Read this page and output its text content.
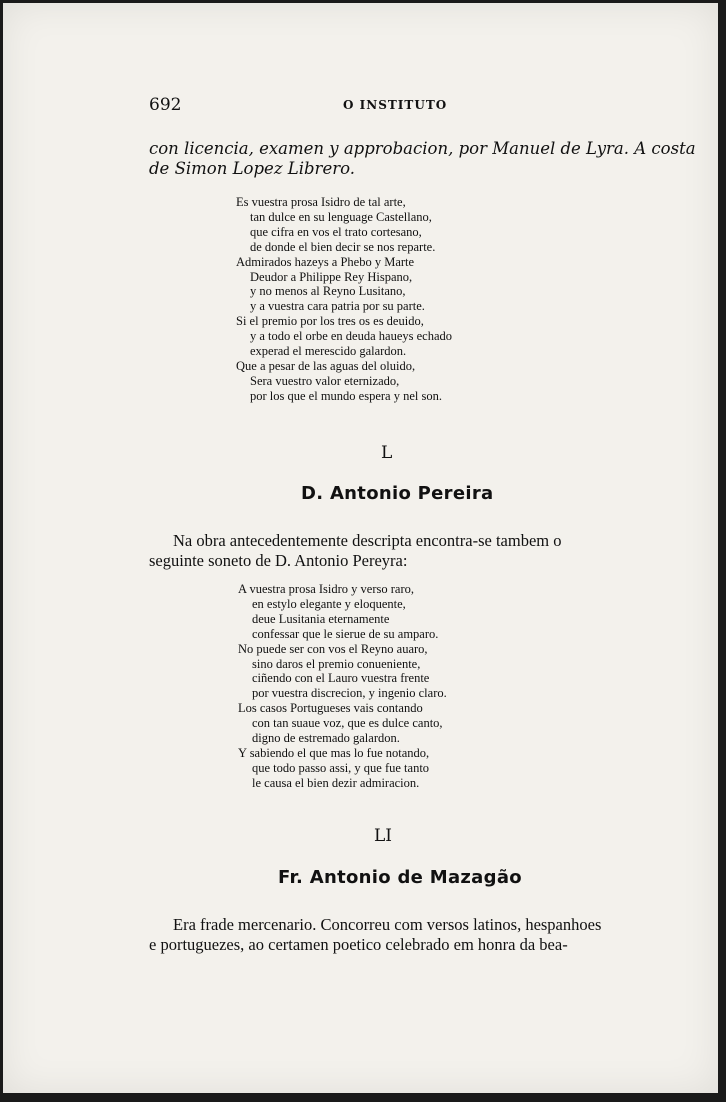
692	O INSTITUTO
con licencia, examen y approbacion, por Manuel de Lyra. A costa
de Simon Lopez Librero.
Es vuestra prosa Isidro de tal arte,
tan dulce en su lenguage Castellano,
que cifra en vos el trato cortesano,
de donde el bien decir se nos reparte.
Admirados hazeys a Phebo y Marte
Deudor a Philippe Rey Hispano,
y no menos al Reyno Lusitano,
y a vuestra cara patria por su parte.
Si el premio por los tres os es deuido,
y a todo el orbe en deuda haueys echado
experad el merescido galardon.
Que a pesar de las aguas del oluido,
Sera vuestro valor eternizado,
por los que el mundo espera y nel son.
L
D. Antonio Pereira
Na obra antecedentemente descripta encontra-se tambem o
seguinte soneto de D. Antonio Pereyra:
A vuestra prosa Isidro y verso raro,
en estylo elegante y eloquente,
deue Lusitania eternamente
confessar que le sierue de su amparo.
No puede ser con vos el Reyno auaro,
sino daros el premio conueniente,
ciñendo con el Lauro vuestra frente
por vuestra discrecion, y ingenio claro.
Los casos Portugueses vais contando
con tan suaue voz, que es dulce canto,
digno de estremado galardon.
Y sabiendo el que mas lo fue notando,
que todo passo assi, y que fue tanto
le causa el bien dezir admiracion.
LI
Fr. Antonio de Mazagão
Era frade mercenario. Concorreu com versos latinos, hespanhoes
e portuguezes, ao certamen poetico celebrado em honra da bea-
